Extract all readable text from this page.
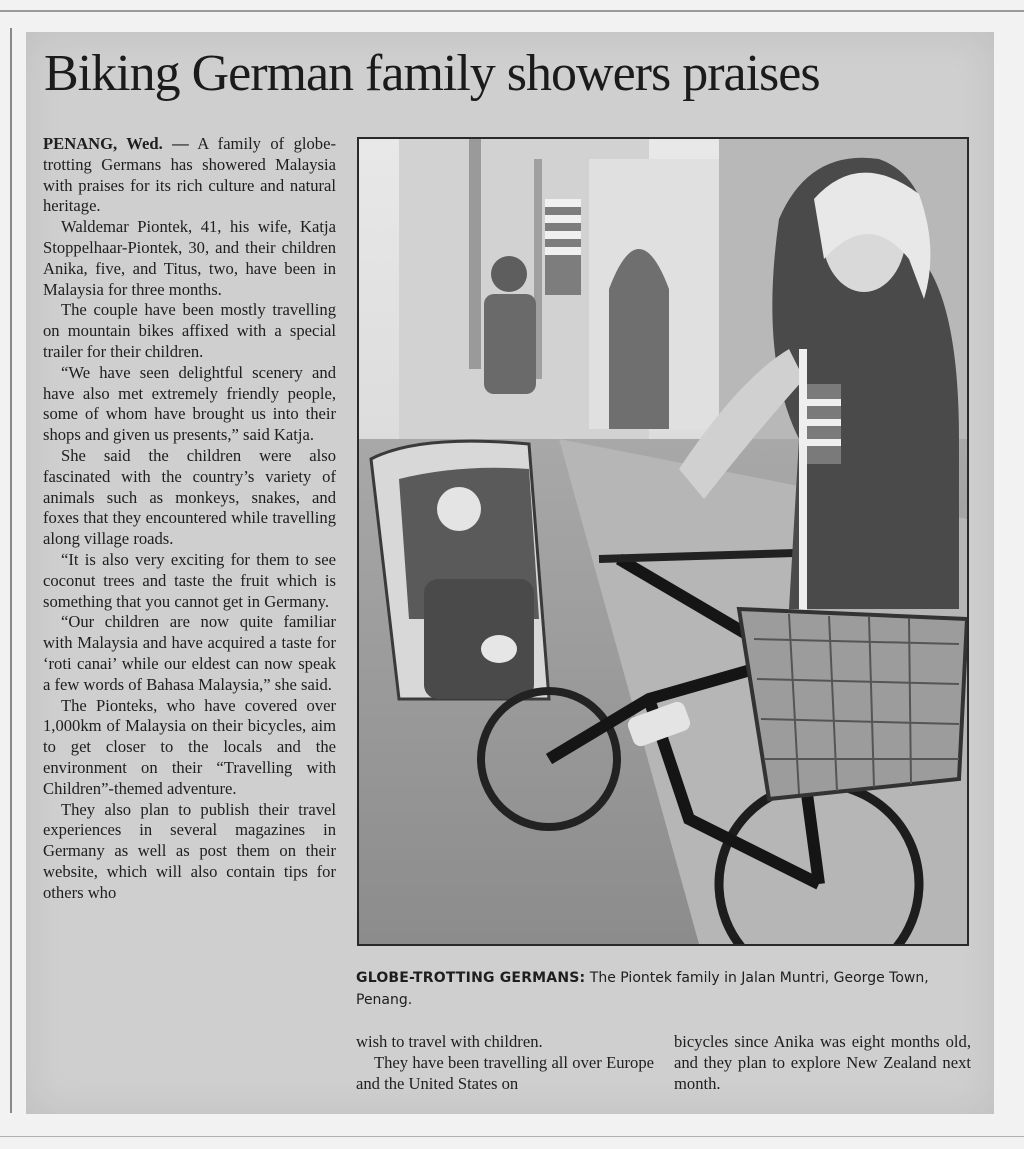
Biking German family showers praises

PENANG, Wed. — A family of globe-trotting Germans has showered Malaysia with praises for its rich culture and natural heritage.

Waldemar Piontek, 41, his wife, Katja Stoppelhaar-Piontek, 30, and their children Anika, five, and Titus, two, have been in Malaysia for three months.

The couple have been mostly travelling on mountain bikes affixed with a special trailer for their children.

“We have seen delightful scenery and have also met extremely friendly people, some of whom have brought us into their shops and given us presents,” said Katja.

She said the children were also fascinated with the country’s variety of animals such as monkeys, snakes, and foxes that they encountered while travelling along village roads.

“It is also very exciting for them to see coconut trees and taste the fruit which is something that you cannot get in Germany.

“Our children are now quite familiar with Malaysia and have acquired a taste for ‘roti canai’ while our eldest can now speak a few words of Bahasa Malaysia,” she said.

The Pionteks, who have covered over 1,000km of Malaysia on their bicycles, aim to get closer to the locals and the environment on their “Travelling with Children”-themed adventure.

They also plan to publish their travel experiences in several magazines in Germany as well as post them on their website, which will also contain tips for others who

GLOBE-TROTTING GERMANS: The Piontek family in Jalan Muntri, George Town, Penang.

wish to travel with children.

They have been travelling all over Europe and the United States on

bicycles since Anika was eight months old, and they plan to explore New Zealand next month.
